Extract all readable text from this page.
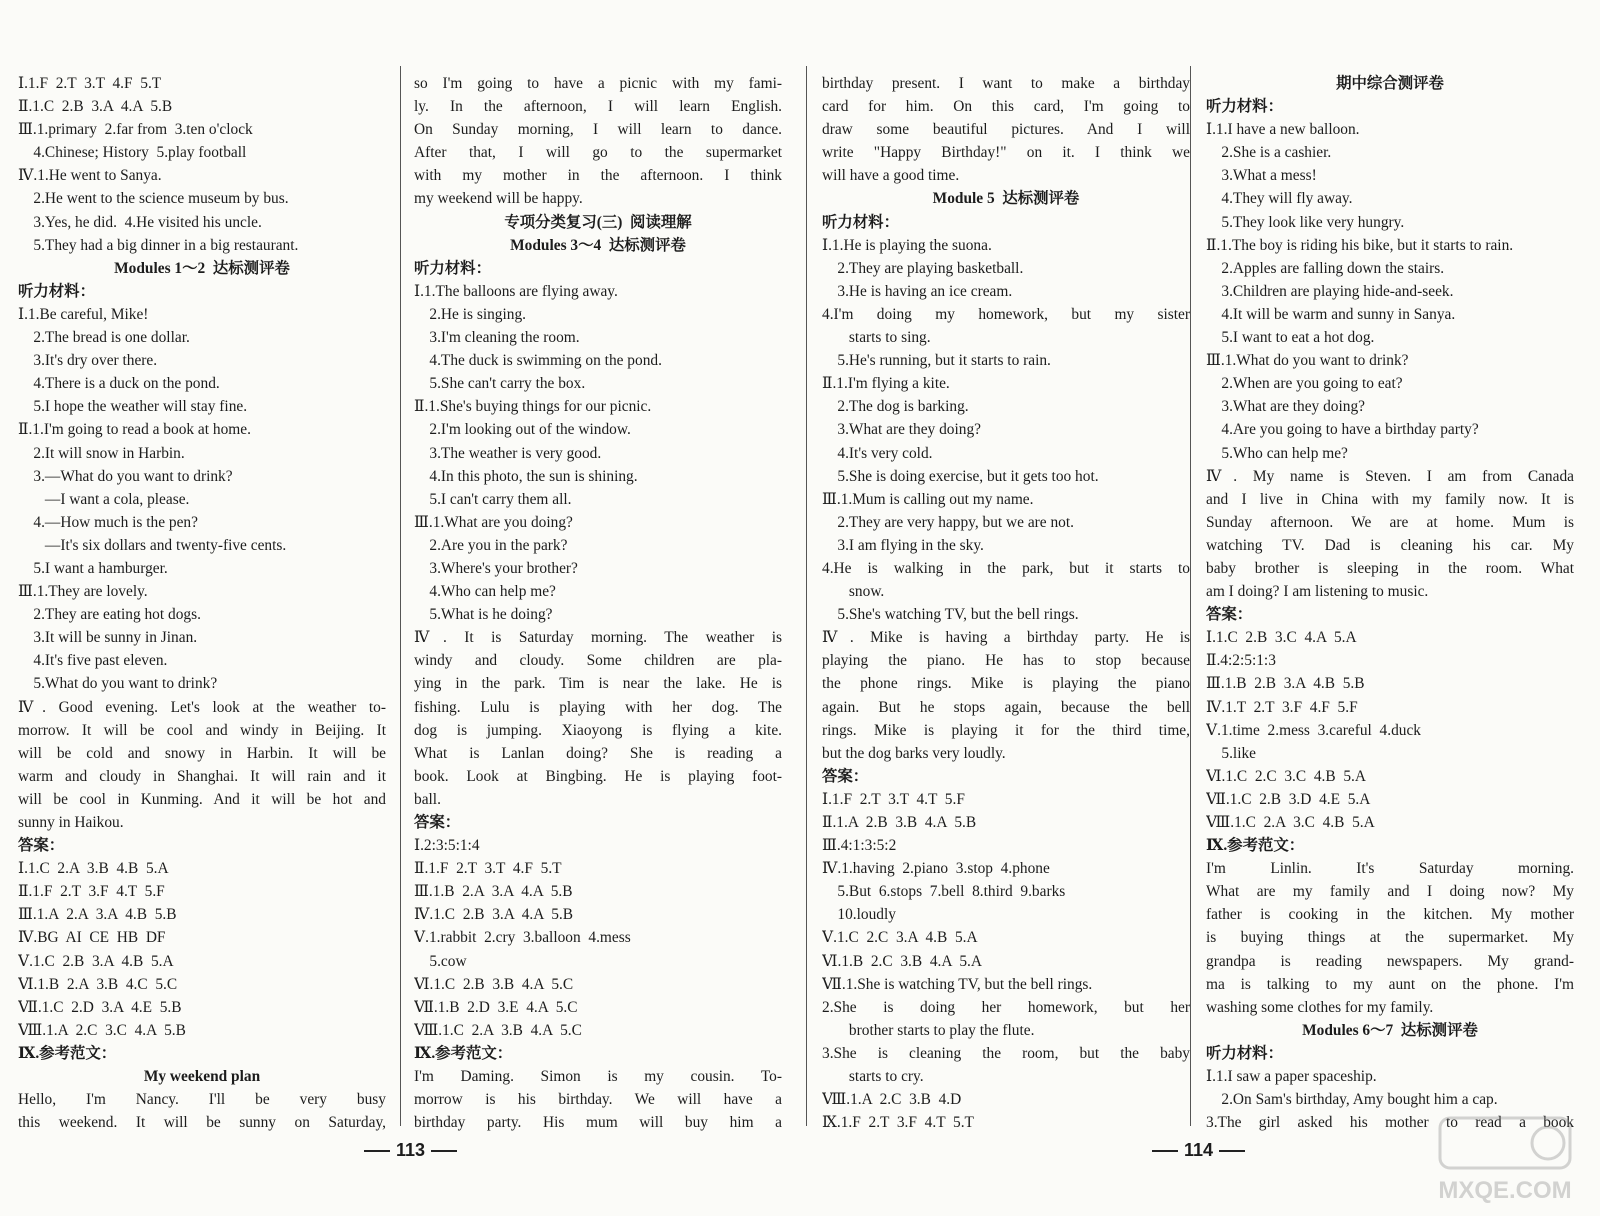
Ⅰ.1.F  2.T  3.T  4.F  5.T
Ⅱ.1.C  2.B  3.A  4.A  5.B
Ⅲ.1.primary  2.far from  3.ten o'clock
4.Chinese; History  5.play football
Ⅳ.1.He went to Sanya.
2.He went to the science museum by bus.
3.Yes, he did.  4.He visited his uncle.
5.They had a big dinner in a big restaurant.
Modules 1～2  达标测评卷
听力材料：
Ⅰ.1.Be careful, Mike!
2.The bread is one dollar.
3.It's dry over there.
4.There is a duck on the pond.
5.I hope the weather will stay fine.
Ⅱ.1.I'm going to read a book at home.
2.It will snow in Harbin.
3.—What do you want to drink?
—I want a cola, please.
4.—How much is the pen?
—It's six dollars and twenty-five cents.
5.I want a hamburger.
Ⅲ.1.They are lovely.
2.They are eating hot dogs.
3.It will be sunny in Jinan.
4.It's five past eleven.
5.What do you want to drink?
Ⅳ. Good evening. Let's look at the weather to-
morrow. It will be cool and windy in Beijing. It
will be cold and snowy in Harbin. It will be
warm and cloudy in Shanghai. It will rain and it
will be cool in Kunming. And it will be hot and
sunny in Haikou.
答案：
Ⅰ.1.C  2.A  3.B  4.B  5.A
Ⅱ.1.F  2.T  3.F  4.T  5.F
Ⅲ.1.A  2.A  3.A  4.B  5.B
Ⅳ.BG  AI  CE  HB  DF
Ⅴ.1.C  2.B  3.A  4.B  5.A
Ⅵ.1.B  2.A  3.B  4.C  5.C
Ⅶ.1.C  2.D  3.A  4.E  5.B
Ⅷ.1.A  2.C  3.C  4.A  5.B
Ⅸ.参考范文：
My weekend plan
Hello, I'm Nancy. I'll be very busy
this weekend. It will be sunny on Saturday,
so I'm going to have a picnic with my fami-
ly. In the afternoon, I will learn English.
On Sunday morning, I will learn to dance.
After that, I will go to the supermarket
with my mother in the afternoon. I think
my weekend will be happy.
专项分类复习(三)  阅读理解
Modules 3～4  达标测评卷
听力材料：
Ⅰ.1.The balloons are flying away.
2.He is singing.
3.I'm cleaning the room.
4.The duck is swimming on the pond.
5.She can't carry the box.
Ⅱ.1.She's buying things for our picnic.
2.I'm looking out of the window.
3.The weather is very good.
4.In this photo, the sun is shining.
5.I can't carry them all.
Ⅲ.1.What are you doing?
2.Are you in the park?
3.Where's your brother?
4.Who can help me?
5.What is he doing?
Ⅳ. It is Saturday morning. The weather is
windy and cloudy. Some children are pla-
ying in the park. Tim is near the lake. He is
fishing. Lulu is playing with her dog. The
dog is jumping. Xiaoyong is flying a kite.
What is Lanlan doing? She is reading a
book. Look at Bingbing. He is playing foot-
ball.
答案：
Ⅰ.2:3:5:1:4
Ⅱ.1.F  2.T  3.T  4.F  5.T
Ⅲ.1.B  2.A  3.A  4.A  5.B
Ⅳ.1.C  2.B  3.A  4.A  5.B
Ⅴ.1.rabbit  2.cry  3.balloon  4.mess
5.cow
Ⅵ.1.C  2.B  3.B  4.A  5.C
Ⅶ.1.B  2.D  3.E  4.A  5.C
Ⅷ.1.C  2.A  3.B  4.A  5.C
Ⅸ.参考范文：
I'm Daming. Simon is my cousin. To-
morrow is his birthday. We will have a
birthday party. His mum will buy him a
birthday present. I want to make a birthday
card for him. On this card, I'm going to
draw some beautiful pictures. And I will
write "Happy Birthday!" on it. I think we
will have a good time.
Module 5  达标测评卷
听力材料：
Ⅰ.1.He is playing the suona.
2.They are playing basketball.
3.He is having an ice cream.
4.I'm doing my homework, but my sister
starts to sing.
5.He's running, but it starts to rain.
Ⅱ.1.I'm flying a kite.
2.The dog is barking.
3.What are they doing?
4.It's very cold.
5.She is doing exercise, but it gets too hot.
Ⅲ.1.Mum is calling out my name.
2.They are very happy, but we are not.
3.I am flying in the sky.
4.He is walking in the park, but it starts to
snow.
5.She's watching TV, but the bell rings.
Ⅳ. Mike is having a birthday party. He is
playing the piano. He has to stop because
the phone rings. Mike is playing the piano
again. But he stops again, because the bell
rings. Mike is playing it for the third time,
but the dog barks very loudly.
答案：
Ⅰ.1.F  2.T  3.T  4.T  5.F
Ⅱ.1.A  2.B  3.B  4.A  5.B
Ⅲ.4:1:3:5:2
Ⅳ.1.having  2.piano  3.stop  4.phone
5.But  6.stops  7.bell  8.third  9.barks
10.loudly
Ⅴ.1.C  2.C  3.A  4.B  5.A
Ⅵ.1.B  2.C  3.B  4.A  5.A
Ⅶ.1.She is watching TV, but the bell rings.
2.She is doing her homework, but her
brother starts to play the flute.
3.She is cleaning the room, but the baby
starts to cry.
Ⅷ.1.A  2.C  3.B  4.D
Ⅸ.1.F  2.T  3.F  4.T  5.T
期中综合测评卷
听力材料：
Ⅰ.1.I have a new balloon.
2.She is a cashier.
3.What a mess!
4.They will fly away.
5.They look like very hungry.
Ⅱ.1.The boy is riding his bike, but it starts to rain.
2.Apples are falling down the stairs.
3.Children are playing hide-and-seek.
4.It will be warm and sunny in Sanya.
5.I want to eat a hot dog.
Ⅲ.1.What do you want to drink?
2.When are you going to eat?
3.What are they doing?
4.Are you going to have a birthday party?
5.Who can help me?
Ⅳ. My name is Steven. I am from Canada
and I live in China with my family now. It is
Sunday afternoon. We are at home. Mum is
watching TV. Dad is cleaning his car. My
baby brother is sleeping in the room. What
am I doing? I am listening to music.
答案：
Ⅰ.1.C  2.B  3.C  4.A  5.A
Ⅱ.4:2:5:1:3
Ⅲ.1.B  2.B  3.A  4.B  5.B
Ⅳ.1.T  2.T  3.F  4.F  5.F
Ⅴ.1.time  2.mess  3.careful  4.duck
5.like
Ⅵ.1.C  2.C  3.C  4.B  5.A
Ⅶ.1.C  2.B  3.D  4.E  5.A
Ⅷ.1.C  2.A  3.C  4.B  5.A
Ⅸ.参考范文：
I'm Linlin. It's Saturday morning.
What are my family and I doing now? My
father is cooking in the kitchen. My mother
is buying things at the supermarket. My
grandpa is reading newspapers. My grand-
ma is talking to my aunt on the phone. I'm
washing some clothes for my family.
Modules 6～7  达标测评卷
听力材料：
Ⅰ.1.I saw a paper spaceship.
2.On Sam's birthday, Amy bought him a cap.
3.The girl asked his mother to read a book
113	114
MXQE.COM
